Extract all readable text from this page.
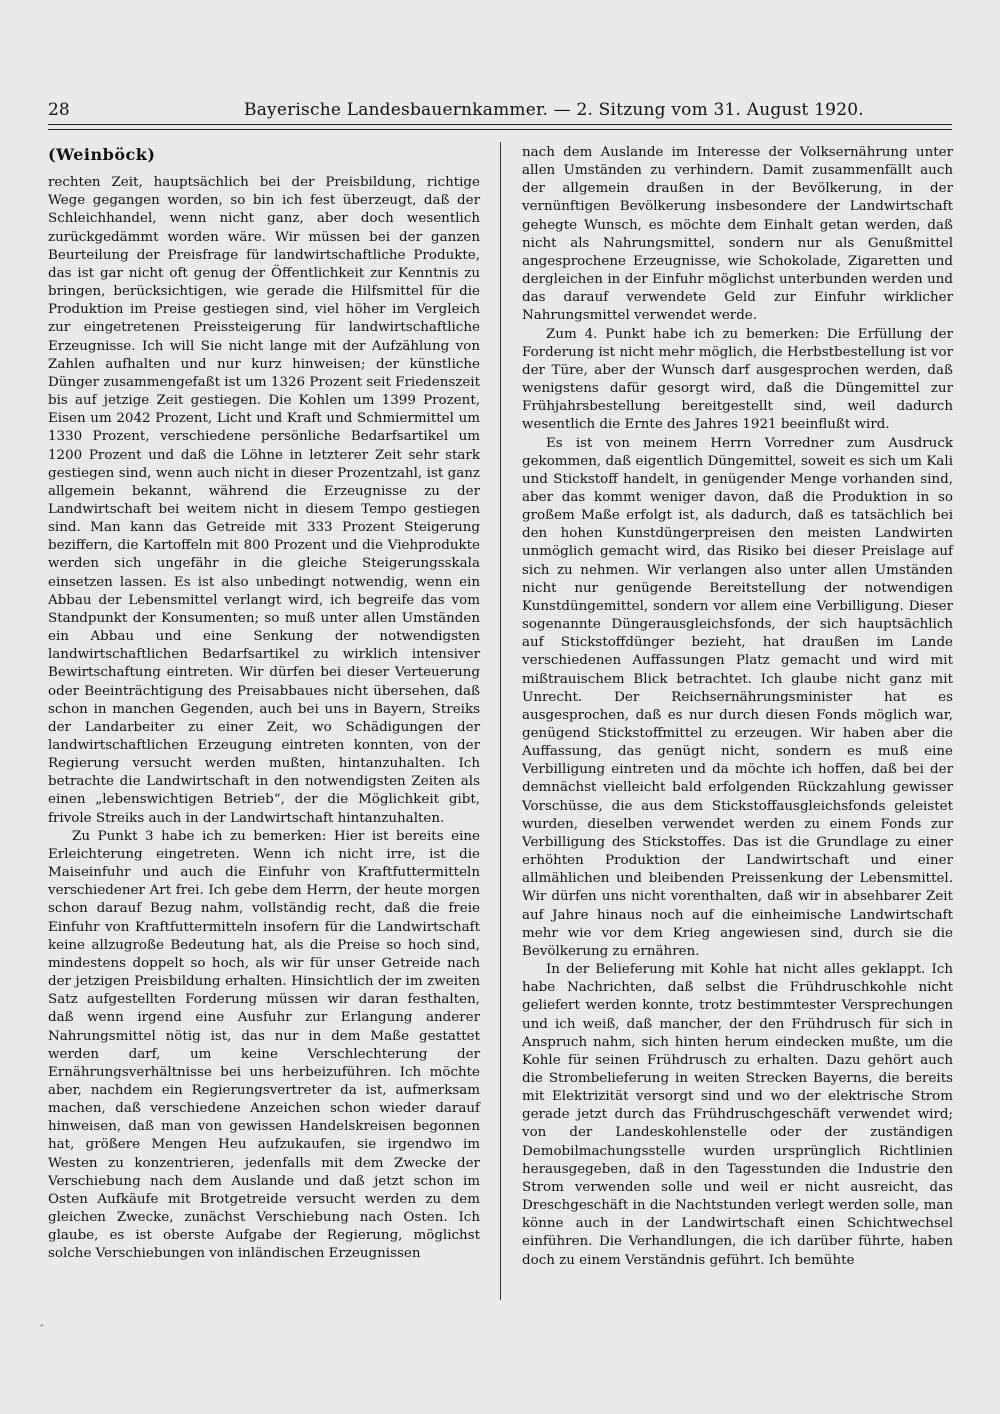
28	Bayerische Landesbauernkammer. — 2. Sitzung vom 31. August 1920.
(Weinböck)

rechten Zeit, hauptsächlich bei der Preisbildung, richtige Wege gegangen worden, so bin ich fest überzeugt, daß der Schleichhandel, wenn nicht ganz, aber doch wesentlich zurückgedämmt worden wäre. Wir müssen bei der ganzen Beurteilung der Preisfrage für landwirtschaftliche Produkte, das ist gar nicht oft genug der Öffentlichkeit zur Kenntnis zu bringen, berücksichtigen, wie gerade die Hilfsmittel für die Produktion im Preise gestiegen sind, viel höher im Vergleich zur eingetretenen Preissteigerung für landwirtschaftliche Erzeugnisse. Ich will Sie nicht lange mit der Aufzählung von Zahlen aufhalten und nur kurz hinweisen; der künstliche Dünger zusammengefaßt ist um 1326 Prozent seit Friedenszeit bis auf jetzige Zeit gestiegen. Die Kohlen um 1399 Prozent, Eisen um 2042 Prozent, Licht und Kraft und Schmiermittel um 1330 Prozent, verschiedene persönliche Bedarfsartikel um 1200 Prozent und daß die Löhne in letzterer Zeit sehr stark gestiegen sind, wenn auch nicht in dieser Prozentzahl, ist ganz allgemein bekannt, während die Erzeugnisse zu der Landwirtschaft bei weitem nicht in diesem Tempo gestiegen sind. Man kann das Getreide mit 333 Prozent Steigerung beziffern, die Kartoffeln mit 800 Prozent und die Viehprodukte werden sich ungefähr in die gleiche Steigerungsskala einsetzen lassen. Es ist also unbedingt notwendig, wenn ein Abbau der Lebensmittel verlangt wird, ich begreife das vom Standpunkt der Konsumenten; so muß unter allen Umständen ein Abbau und eine Senkung der notwendigsten landwirtschaftlichen Bedarfsartikel zu wirklich intensiver Bewirtschaftung eintreten. Wir dürfen bei dieser Verteuerung oder Beeinträchtigung des Preisabbaues nicht übersehen, daß schon in manchen Gegenden, auch bei uns in Bayern, Streiks der Landarbeiter zu einer Zeit, wo Schädigungen der landwirtschaftlichen Erzeugung eintreten konnten, von der Regierung versucht werden mußten, hintanzuhalten. Ich betrachte die Landwirtschaft in den notwendigsten Zeiten als einen „lebenswichtigen Betrieb“, der die Möglichkeit gibt, frivole Streiks auch in der Landwirtschaft hintanzuhalten.

Zu Punkt 3 habe ich zu bemerken: Hier ist bereits eine Erleichterung eingetreten. Wenn ich nicht irre, ist die Maiseinfuhr und auch die Einfuhr von Kraftfuttermitteln verschiedener Art frei. Ich gebe dem Herrn, der heute morgen schon darauf Bezug nahm, vollständig recht, daß die freie Einfuhr von Kraftfuttermitteln insofern für die Landwirtschaft keine allzugroße Bedeutung hat, als die Preise so hoch sind, mindestens doppelt so hoch, als wir für unser Getreide nach der jetzigen Preisbildung erhalten. Hinsichtlich der im zweiten Satz aufgestellten Forderung müssen wir daran festhalten, daß wenn irgend eine Ausfuhr zur Erlangung anderer Nahrungsmittel nötig ist, das nur in dem Maße gestattet werden darf, um keine Verschlechterung der Ernährungsverhältnisse bei uns herbeizuführen. Ich möchte aber, nachdem ein Regierungsvertreter da ist, aufmerksam machen, daß verschiedene Anzeichen schon wieder darauf hinweisen, daß man von gewissen Handelskreisen begonnen hat, größere Mengen Heu aufzukaufen, sie irgendwo im Westen zu konzentrieren, jedenfalls mit dem Zwecke der Verschiebung nach dem Auslande und daß jetzt schon im Osten Aufkäufe mit Brotgetreide versucht werden zu dem gleichen Zwecke, zunächst Verschiebung nach Osten. Ich glaube, es ist oberste Aufgabe der Regierung, möglichst solche Verschiebungen von inländischen Erzeugnissen

nach dem Auslande im Interesse der Volksernährung unter allen Umständen zu verhindern. Damit zusammenfällt auch der allgemein draußen in der Bevölkerung, in der vernünftigen Bevölkerung insbesondere der Landwirtschaft gehegte Wunsch, es möchte dem Einhalt getan werden, daß nicht als Nahrungsmittel, sondern nur als Genußmittel angesprochene Erzeugnisse, wie Schokolade, Zigaretten und dergleichen in der Einfuhr möglichst unterbunden werden und das darauf verwendete Geld zur Einfuhr wirklicher Nahrungsmittel verwendet werde.

Zum 4. Punkt habe ich zu bemerken: Die Erfüllung der Forderung ist nicht mehr möglich, die Herbstbestellung ist vor der Türe, aber der Wunsch darf ausgesprochen werden, daß wenigstens dafür gesorgt wird, daß die Düngemittel zur Frühjahrsbestellung bereitgestellt sind, weil dadurch wesentlich die Ernte des Jahres 1921 beeinflußt wird.

Es ist von meinem Herrn Vorredner zum Ausdruck gekommen, daß eigentlich Düngemittel, soweit es sich um Kali und Stickstoff handelt, in genügender Menge vorhanden sind, aber das kommt weniger davon, daß die Produktion in so großem Maße erfolgt ist, als dadurch, daß es tatsächlich bei den hohen Kunstdüngerpreisen den meisten Landwirten unmöglich gemacht wird, das Risiko bei dieser Preislage auf sich zu nehmen. Wir verlangen also unter allen Umständen nicht nur genügende Bereitstellung der notwendigen Kunstdüngemittel, sondern vor allem eine Verbilligung. Dieser sogenannte Düngerausgleichsfonds, der sich hauptsächlich auf Stickstoffdünger bezieht, hat draußen im Lande verschiedenen Auffassungen Platz gemacht und wird mit mißtrauischem Blick betrachtet. Ich glaube nicht ganz mit Unrecht. Der Reichsernährungsminister hat es ausgesprochen, daß es nur durch diesen Fonds möglich war, genügend Stickstoffmittel zu erzeugen. Wir haben aber die Auffassung, das genügt nicht, sondern es muß eine Verbilligung eintreten und da möchte ich hoffen, daß bei der demnächst vielleicht bald erfolgenden Rückzahlung gewisser Vorschüsse, die aus dem Stickstoffausgleichsfonds geleistet wurden, dieselben verwendet werden zu einem Fonds zur Verbilligung des Stickstoffes. Das ist die Grundlage zu einer erhöhten Produktion der Landwirtschaft und einer allmählichen und bleibenden Preissenkung der Lebensmittel. Wir dürfen uns nicht vorenthalten, daß wir in absehbarer Zeit auf Jahre hinaus noch auf die einheimische Landwirtschaft mehr wie vor dem Krieg angewiesen sind, durch sie die Bevölkerung zu ernähren.

In der Belieferung mit Kohle hat nicht alles geklappt. Ich habe Nachrichten, daß selbst die Frühdruschkohle nicht geliefert werden konnte, trotz bestimmtester Versprechungen und ich weiß, daß mancher, der den Frühdrusch für sich in Anspruch nahm, sich hinten herum eindecken mußte, um die Kohle für seinen Frühdrusch zu erhalten. Dazu gehört auch die Strombelieferung in weiten Strecken Bayerns, die bereits mit Elektrizität versorgt sind und wo der elektrische Strom gerade jetzt durch das Frühdruschgeschäft verwendet wird; von der Landeskohlenstelle oder der zuständigen Demobilmachungsstelle wurden ursprünglich Richtlinien herausgegeben, daß in den Tagesstunden die Industrie den Strom verwenden solle und weil er nicht ausreicht, das Dreschgeschäft in die Nachtstunden verlegt werden solle, man könne auch in der Landwirtschaft einen Schichtwechsel einführen. Die Verhandlungen, die ich darüber führte, haben doch zu einem Verständnis geführt. Ich bemühte

″
